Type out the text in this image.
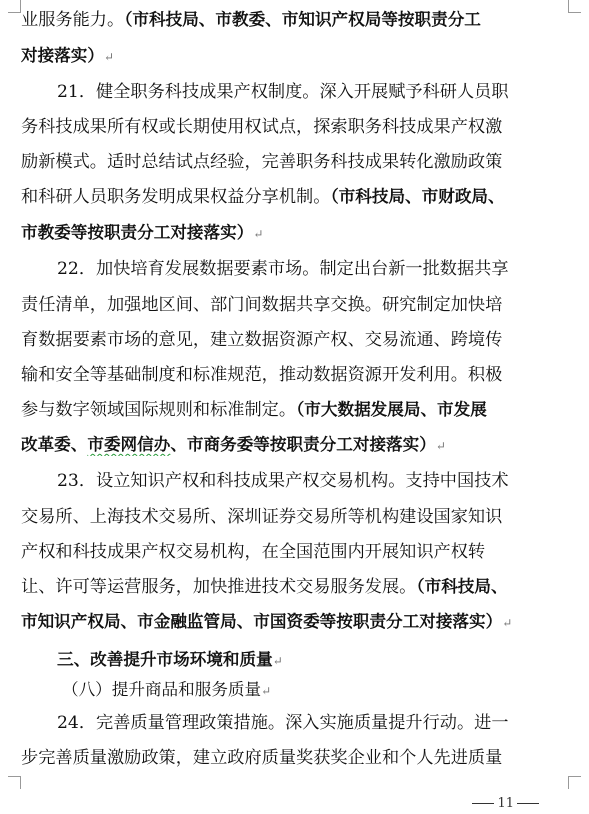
业服务能力。（市科技局、市教委、市知识产权局等按职责分工
对接落实）↵
21．健全职务科技成果产权制度。深入开展赋予科研人员职
务科技成果所有权或长期使用权试点，探索职务科技成果产权激
励新模式。适时总结试点经验，完善职务科技成果转化激励政策
和科研人员职务发明成果权益分享机制。（市科技局、市财政局、
市教委等按职责分工对接落实）↵
22．加快培育发展数据要素市场。制定出台新一批数据共享
责任清单，加强地区间、部门间数据共享交换。研究制定加快培
育数据要素市场的意见，建立数据资源产权、交易流通、跨境传
输和安全等基础制度和标准规范，推动数据资源开发利用。积极
参与数字领域国际规则和标准制定。（市大数据发展局、市发展
改革委、市委网信办、市商务委等按职责分工对接落实）↵
23．设立知识产权和科技成果产权交易机构。支持中国技术
交易所、上海技术交易所、深圳证券交易所等机构建设国家知识
产权和科技成果产权交易机构，在全国范围内开展知识产权转
让、许可等运营服务，加快推进技术交易服务发展。（市科技局、
市知识产权局、市金融监管局、市国资委等按职责分工对接落实）↵
三、改善提升市场环境和质量↵
（八）提升商品和服务质量↵
24．完善质量管理政策措施。深入实施质量提升行动。进一
步完善质量激励政策，建立政府质量奖获奖企业和个人先进质量
11
